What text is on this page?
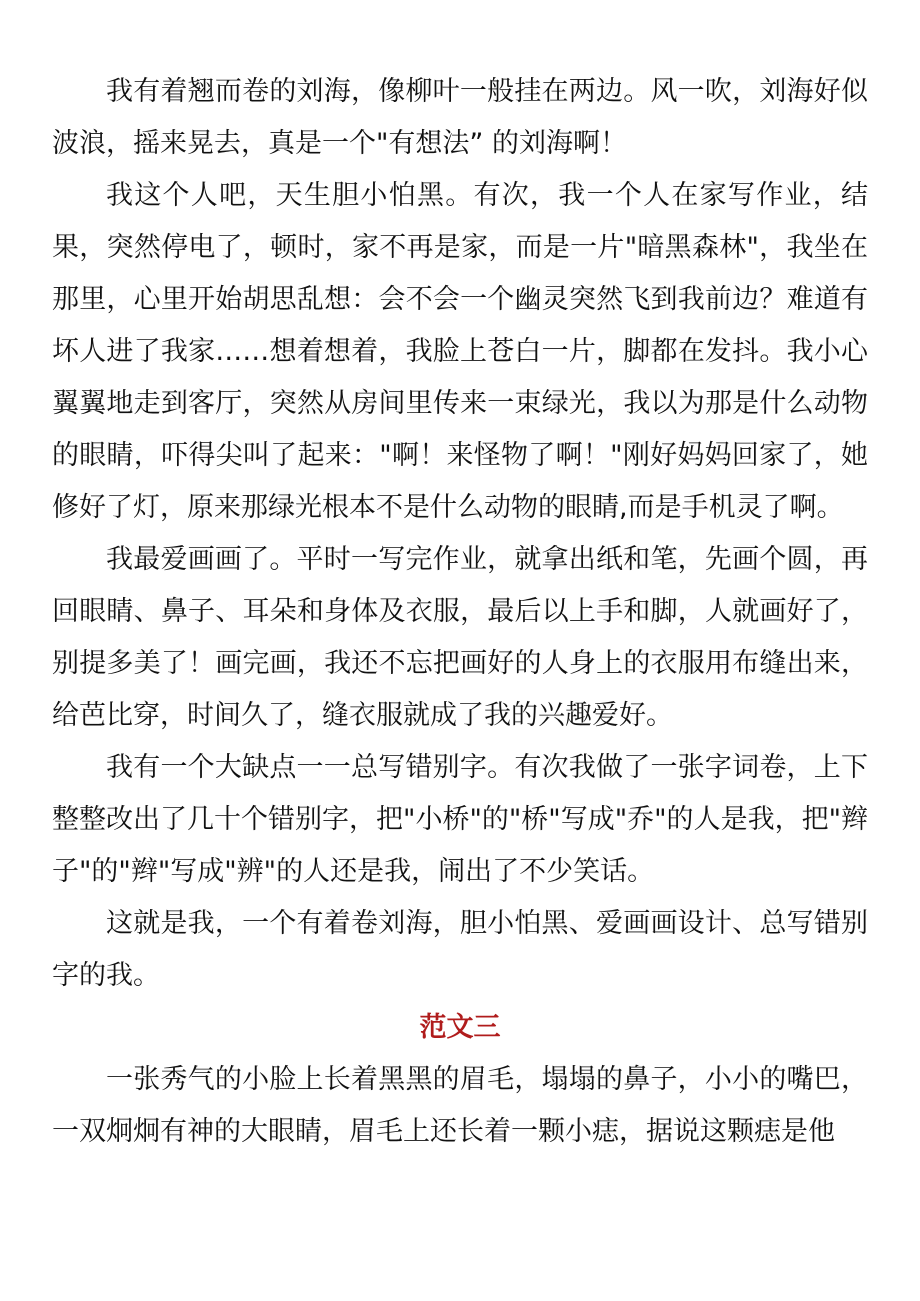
我有着翘而卷的刘海，像柳叶一般挂在两边。风一吹，刘海好似波浪，摇来晃去，真是一个"有想法” 的刘海啊！

我这个人吧，天生胆小怕黑。有次，我一个人在家写作业，结果，突然停电了，顿时，家不再是家，而是一片"暗黑森林"，我坐在那里，心里开始胡思乱想：会不会一个幽灵突然飞到我前边？难道有坏人进了我家……想着想着，我脸上苍白一片，脚都在发抖。我小心翼翼地走到客厅，突然从房间里传来一束绿光，我以为那是什么动物的眼睛，吓得尖叫了起来："啊！来怪物了啊！"刚好妈妈回家了，她修好了灯，原来那绿光根本不是什么动物的眼睛,而是手机灵了啊。

我最爱画画了。平时一写完作业，就拿出纸和笔，先画个圆，再回眼睛、鼻子、耳朵和身体及衣服，最后以上手和脚，人就画好了，别提多美了！画完画，我还不忘把画好的人身上的衣服用布缝出来，给芭比穿，时间久了，缝衣服就成了我的兴趣爱好。

我有一个大缺点一一总写错别字。有次我做了一张字词卷，上下整整改出了几十个错别字，把"小桥"的"桥"写成"乔"的人是我，把"辫子"的"辫"写成"辨"的人还是我，闹出了不少笑话。

这就是我，一个有着卷刘海，胆小怕黑、爱画画设计、总写错别字的我。

范文三

一张秀气的小脸上长着黑黑的眉毛，塌塌的鼻子，小小的嘴巴，一双炯炯有神的大眼睛，眉毛上还长着一颗小痣，据说这颗痣是他
